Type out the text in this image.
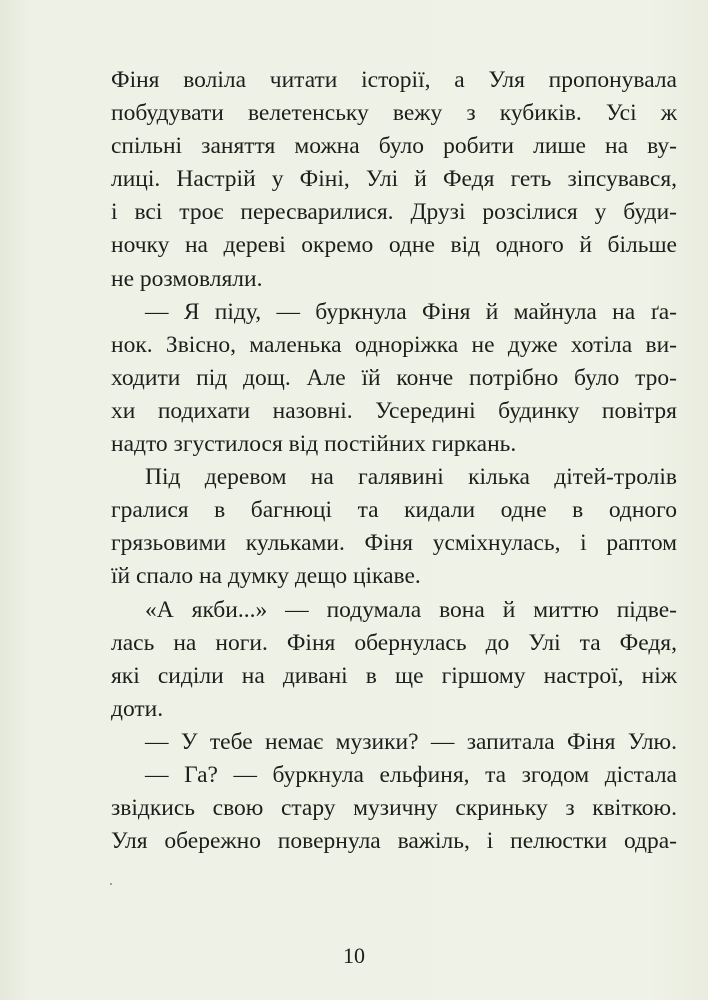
Фіня воліла читати історії, а Уля пропонувала
побудувати велетенську вежу з кубиків. Усі ж
спільні заняття можна було робити лише на ву-
лиці. Настрій у Фіні, Улі й Федя геть зіпсувався,
і всі троє пересварилися. Друзі розсілися у буди-
ночку на дереві окремо одне від одного й більше
не розмовляли.
— Я піду, — буркнула Фіня й майнула на ґа-
нок. Звісно, маленька одноріжка не дуже хотіла ви-
ходити під дощ. Але їй конче потрібно було тро-
хи подихати назовні. Усередині будинку повітря
надто згустилося від постійних гиркань.
Під деревом на галявині кілька дітей-тролів
гралися в багнюці та кидали одне в одного
грязьовими кульками. Фіня усміхнулась, і раптом
їй спало на думку дещо цікаве.
«А якби...» — подумала вона й миттю підве-
лась на ноги. Фіня обернулась до Улі та Федя,
які сиділи на дивані в ще гіршому настрої, ніж
доти.
— У тебе немає музики? — запитала Фіня Улю.
— Га? — буркнула ельфиня, та згодом дістала
звідкись свою стару музичну скриньку з квіткою.
Уля обережно повернула важіль, і пелюстки одра-
10
